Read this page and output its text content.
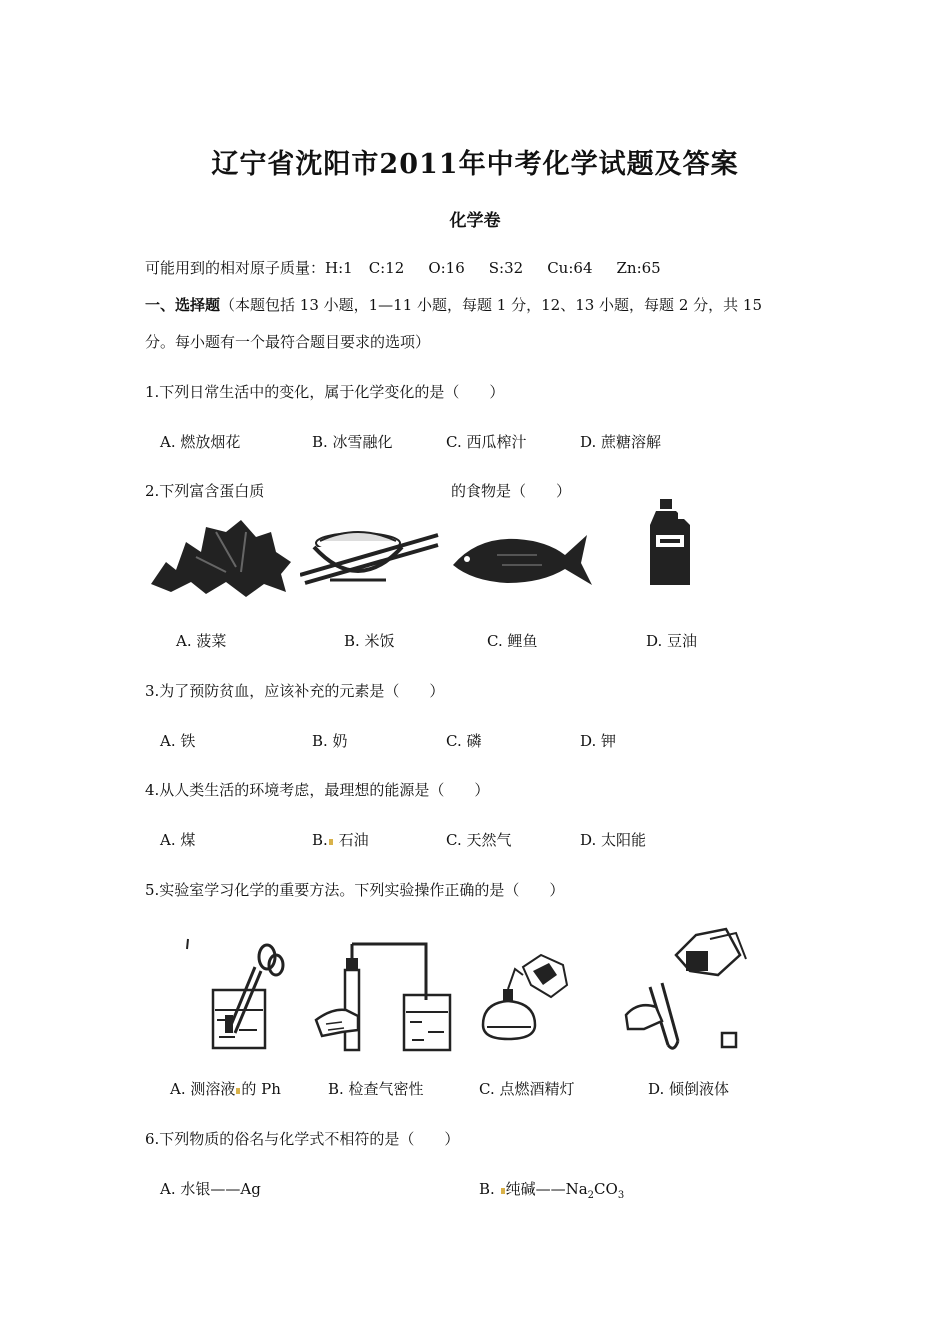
辽宁省沈阳市2011年中考化学试题及答案
化学卷
可能用到的相对原子质量：H:1 C:12 O:16 S:32 Cu:64 Zn:65
一、选择题（本题包括 13 小题，1—11 小题，每题 1 分，12、13 小题，每题 2 分，共 15
分。每小题有一个最符合题目要求的选项）
1.下列日常生活中的变化，属于化学变化的是（　　）
A. 燃放烟花	B. 冰雪融化	C. 西瓜榨汁	D. 蔗糖溶解
2.下列富含蛋白质	的食物是（　　）
A. 菠菜	B. 米饭	C. 鲤鱼	D. 豆油
3.为了预防贫血，应该补充的元素是（　　）
A. 铁	B. 奶	C. 磷	D. 钾
4.从人类生活的环境考虑，最理想的能源是（　　）
A. 煤	B. 石油	C. 天然气	D. 太阳能
5.实验室学习化学的重要方法。下列实验操作正确的是（　　）
A. 测溶液 的 Ph	B. 检查气密性	C. 点燃酒精灯	D. 倾倒液体
6.下列物质的俗名与化学式不相符的是（　　）
A. 水银——Ag	B. 纯碱$——Na_2CO_3$
